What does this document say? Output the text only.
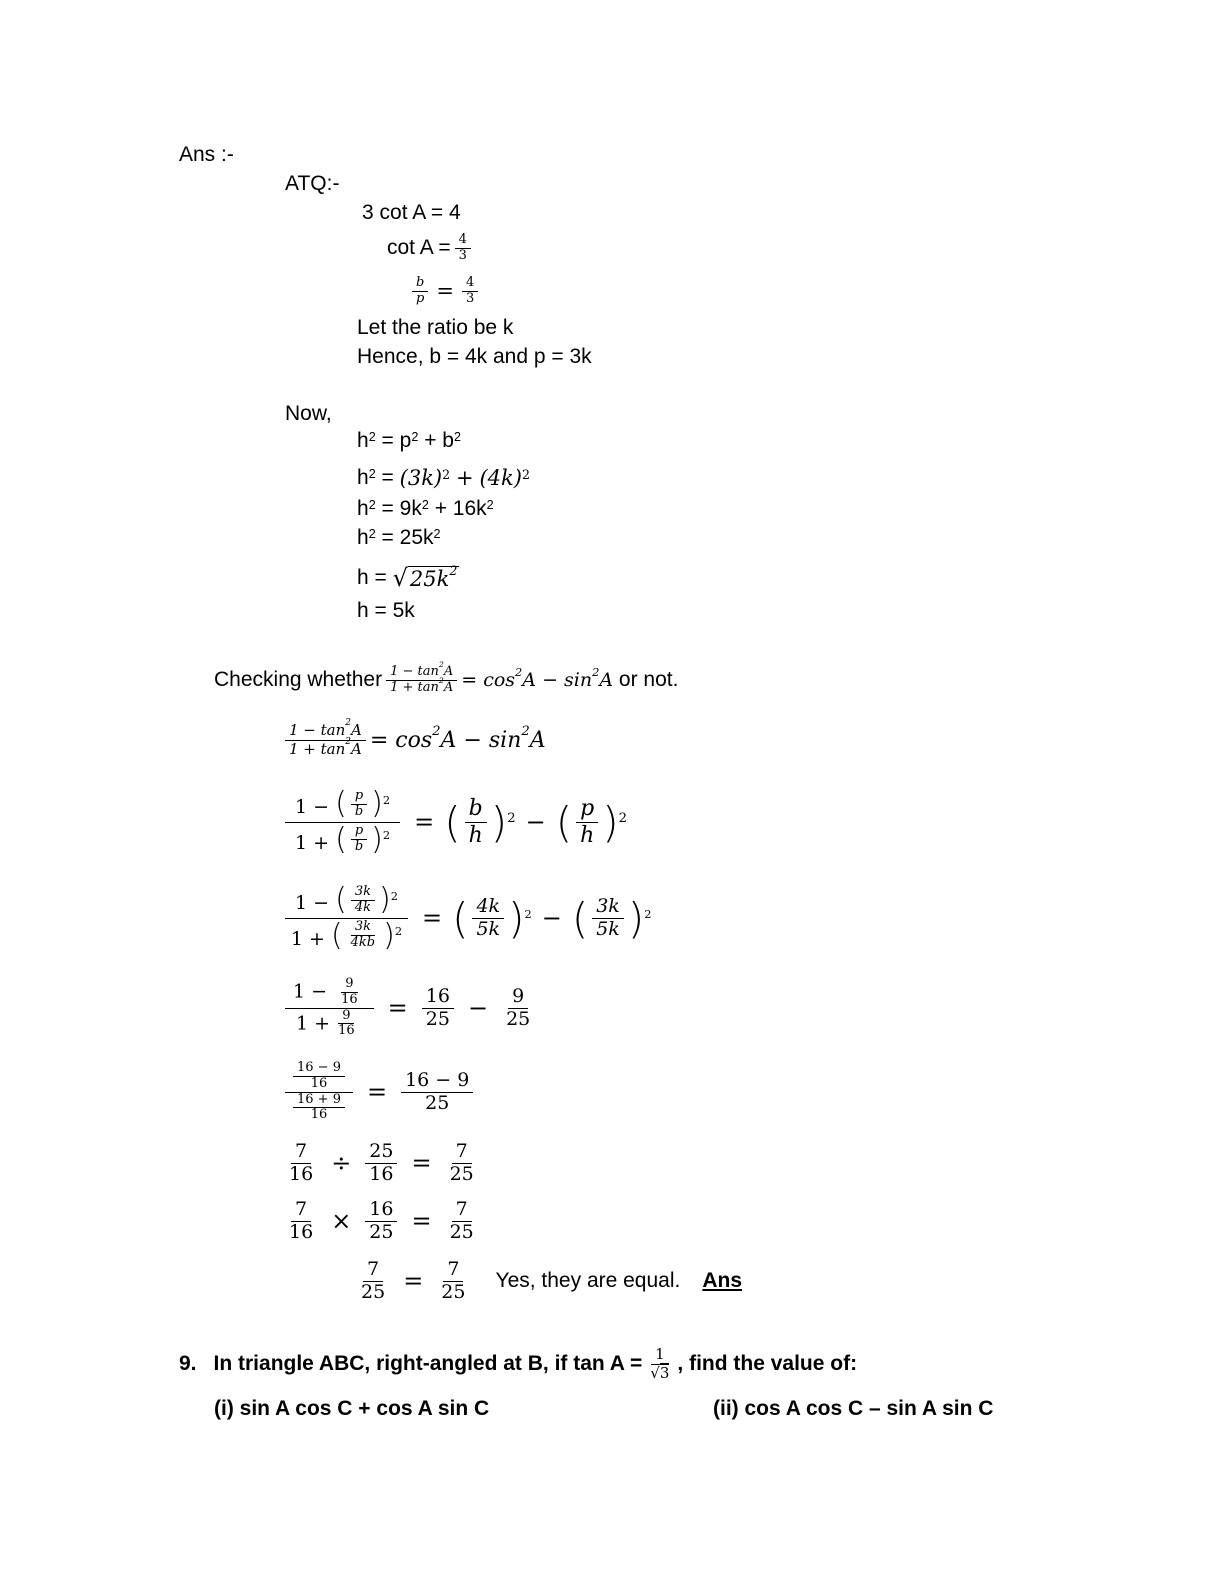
Ans :-
ATQ:-
3 cot A = 4
$\cot A = \frac{4}{3}$
$\frac{b}{p} = \frac{4}{3}$
Let the ratio be k
Hence, b = 4k and p = 3k
Now,
$h^2$
= $p^2$
+ $b^2$
$h^2$
=
$(3k)^2$
+
$(4k)^2$
$h^2$
= $9k^2$
+ $16k^2$
$h^2$
= $25k^2$
h =
√ $25k^2$
h = 5k
Checking whether $\frac{1 - \tan^2A}{1 + \tan^2A} = \cos^2A - \sin^2A$
or not.
$\frac{1 - \tan^2A}{1 + \tan^2A} = \cos^2A - \sin^2A$
$\frac{1 - ( \frac{p}{b} )^2}{1 + ( \frac{p}{b} )^2}$ = ( $\frac{b}{h} )^2$ − ( $\frac{p}{h} )^2$
$\frac{1 - ( \frac{3k}{4k} )^2}{1 + ( \frac{3k}{4kb} )^2}$ = ( $\frac{4k}{5k} )^2$ − ( $\frac{3k}{5k} )^2$
$\frac{1 - \frac{9}{16}}{1 + \frac{9}{16}} = \frac{16}{25} - \frac{9}{25}$
$\frac{\frac{16 - 9}{16}}{\frac{16 + 9}{16}} = \frac{16 - 9}{25}$
$\frac{7}{16} \div \frac{25}{16} = \frac{7}{25}$
$\frac{7}{16} \times \frac{16}{25} = \frac{7}{25}$
$\frac{7}{25} = \frac{7}{25}$ Yes, they are equal. Ans
9. In triangle ABC, right-angled at B, if $\tan A = \frac{1}{√3}$ , find the value of:
(i) sin A cos C + cos A sin C	(ii) cos A cos C – sin A sin C
